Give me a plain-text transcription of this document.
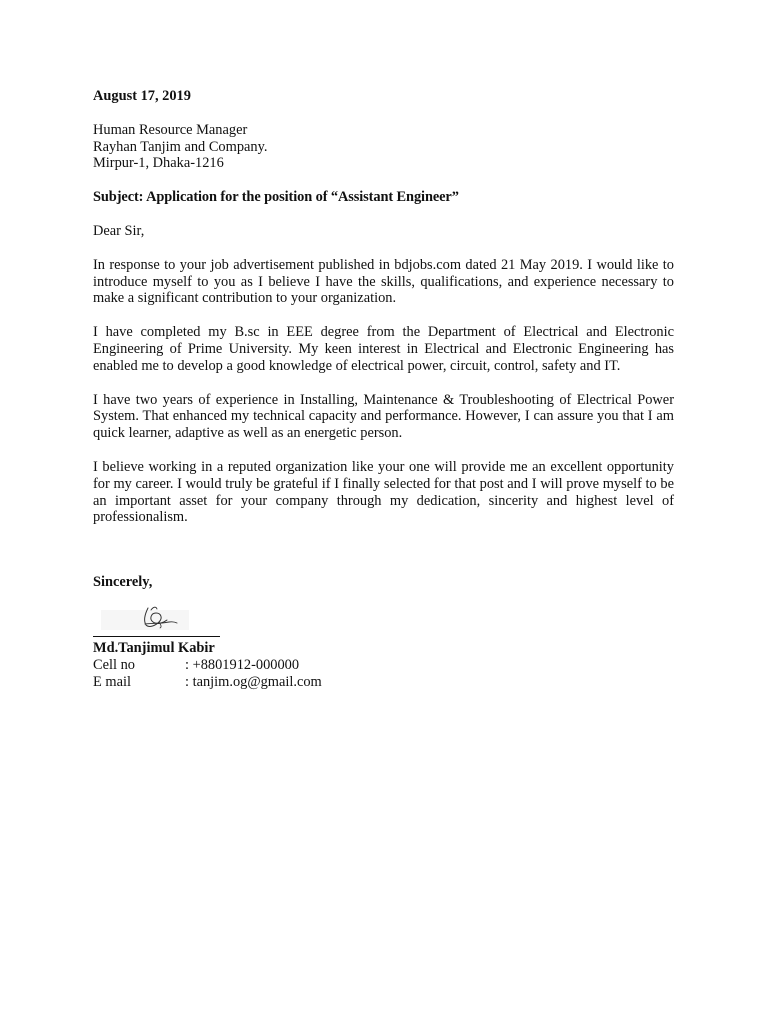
August 17, 2019
Human Resource Manager
Rayhan Tanjim and Company.
Mirpur-1, Dhaka-1216
Subject: Application for the position of “Assistant Engineer”
Dear Sir,

In response to your job advertisement published in bdjobs.com dated 21 May 2019. I would like to introduce myself to you as I believe I have the skills, qualifications, and experience necessary to make a significant contribution to your organization.

I have completed my B.sc in EEE degree from the Department of Electrical and Electronic Engineering of Prime University. My keen interest in Electrical and Electronic Engineering has enabled me to develop a good knowledge of electrical power, circuit, control, safety and IT.

I have two years of experience in Installing, Maintenance & Troubleshooting of Electrical Power System. That enhanced my technical capacity and performance. However, I can assure you that I am quick learner, adaptive as well as an energetic person.

I believe working in a reputed organization like your one will provide me an excellent opportunity for my career. I would truly be grateful if I finally selected for that post and I will prove myself to be an important asset for your company through my dedication, sincerity and highest level of professionalism.

Sincerely,
Md.Tanjimul Kabir
Cell no	: +8801912-000000
E mail	: tanjim.og@gmail.com
